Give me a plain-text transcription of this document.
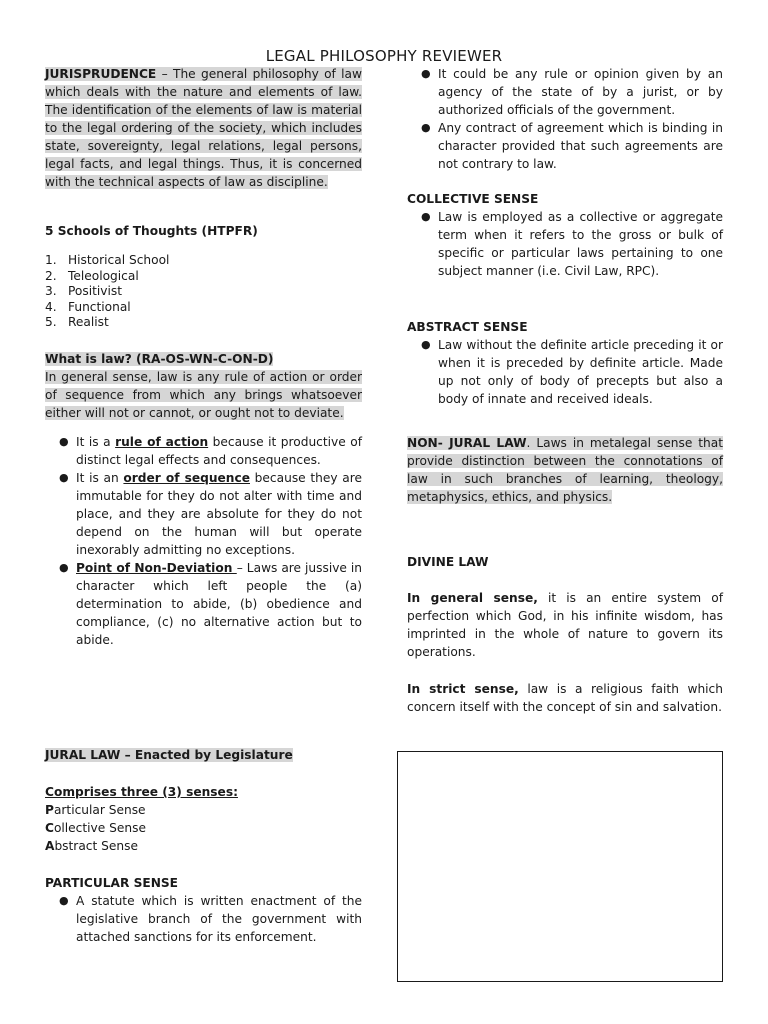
LEGAL PHILOSOPHY REVIEWER

JURISPRUDENCE – The general philosophy of law which deals with the nature and elements of law. The identification of the elements of law is material to the legal ordering of the society, which includes state, sovereignty, legal relations, legal persons, legal facts, and legal things. Thus, it is concerned with the technical aspects of law as discipline.

5 Schools of Thoughts (HTPFR)
1. Historical School
2. Teleological
3. Positivist
4. Functional
5. Realist
What is law? (RA-OS-WN-C-ON-D)

In general sense, law is any rule of action or order of sequence from which any brings whatsoever either will not or cannot, or ought not to deviate.

● It is a rule of action because it productive of distinct legal effects and consequences.
● It is an order of sequence because they are immutable for they do not alter with time and place, and they are absolute for they do not depend on the human will but operate inexorably admitting no exceptions.
● Point of Non-Deviation – Laws are jussive in character which left people the (a) determination to abide, (b) obedience and compliance, (c) no alternative action but to abide.
JURAL LAW – Enacted by Legislature
Comprises three (3) senses:
Particular Sense
Collective Sense
Abstract Sense
PARTICULAR SENSE
● A statute which is written enactment of the legislative branch of the government with attached sanctions for its enforcement.
● It could be any rule or opinion given by an agency of the state of by a jurist, or by authorized officials of the government.
● Any contract of agreement which is binding in character provided that such agreements are not contrary to law.
COLLECTIVE SENSE
● Law is employed as a collective or aggregate term when it refers to the gross or bulk of specific or particular laws pertaining to one subject manner (i.e. Civil Law, RPC).
ABSTRACT SENSE
● Law without the definite article preceding it or when it is preceded by definite article. Made up not only of body of precepts but also a body of innate and received ideals.

NON- JURAL LAW. Laws in metalegal sense that provide distinction between the connotations of law in such branches of learning, theology, metaphysics, ethics, and physics.

DIVINE LAW

In general sense, it is an entire system of perfection which God, in his infinite wisdom, has imprinted in the whole of nature to govern its operations.

In strict sense, law is a religious faith which concern itself with the concept of sin and salvation.
